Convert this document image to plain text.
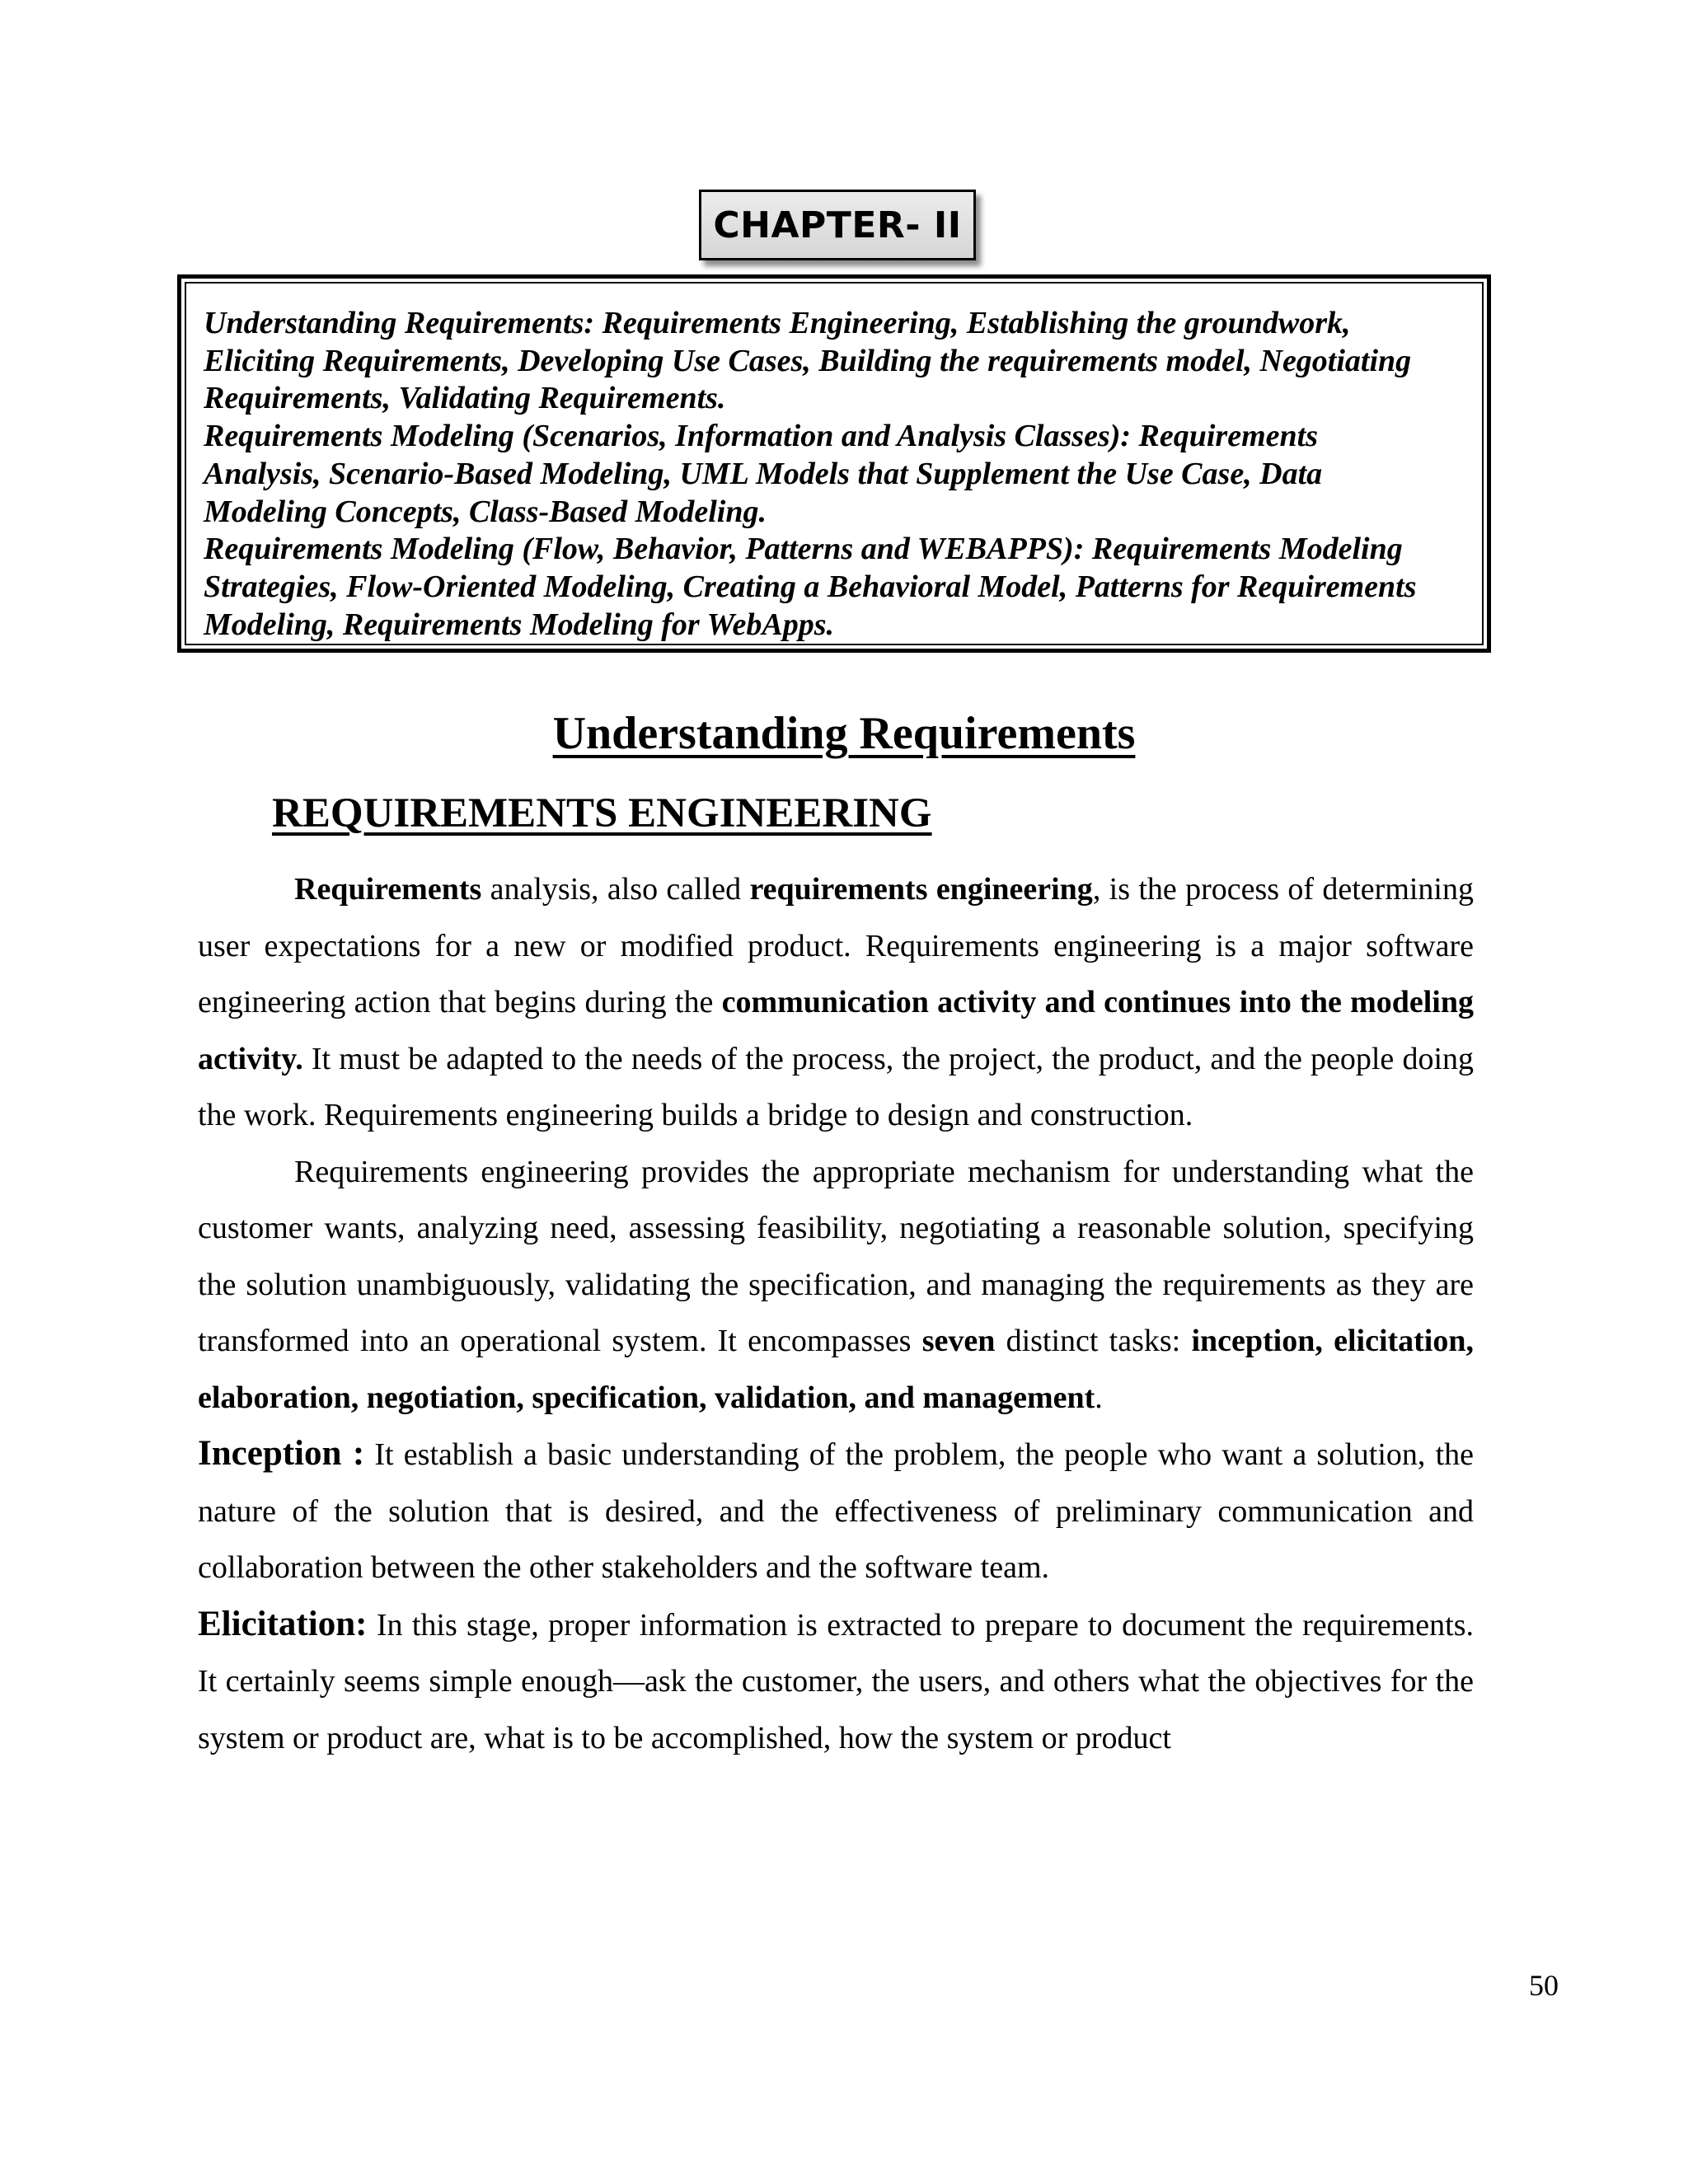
CHAPTER- II
Understanding Requirements: Requirements Engineering, Establishing the groundwork,
Eliciting Requirements, Developing Use Cases, Building the requirements model, Negotiating
Requirements, Validating Requirements.
Requirements Modeling (Scenarios, Information and Analysis Classes): Requirements
Analysis, Scenario-Based Modeling, UML Models that Supplement the Use Case, Data
Modeling Concepts, Class-Based Modeling.
Requirements Modeling (Flow, Behavior, Patterns and WEBAPPS): Requirements Modeling
Strategies, Flow-Oriented Modeling, Creating a Behavioral Model, Patterns for Requirements
Modeling, Requirements Modeling for WebApps.
Understanding Requirements
REQUIREMENTS ENGINEERING

Requirements analysis, also called requirements engineering, is the process of determining user expectations for a new or modified product. Requirements engineering is a major software engineering action that begins during the communication activity and continues into the modeling activity. It must be adapted to the needs of the process, the project, the product, and the people doing the work. Requirements engineering builds a bridge to design and construction.

Requirements engineering provides the appropriate mechanism for understanding what the customer wants, analyzing need, assessing feasibility, negotiating a reasonable solution, specifying the solution unambiguously, validating the specification, and managing the requirements as they are transformed into an operational system. It encompasses seven distinct tasks: inception, elicitation, elaboration, negotiation, specification, validation, and management.

Inception : It establish a basic understanding of the problem, the people who want a solution, the nature of the solution that is desired, and the effectiveness of preliminary communication and collaboration between the other stakeholders and the software team.

Elicitation: In this stage, proper information is extracted to prepare to document the requirements. It certainly seems simple enough—ask the customer, the users, and others what the objectives for the system or product are, what is to be accomplished, how the system or product

50
